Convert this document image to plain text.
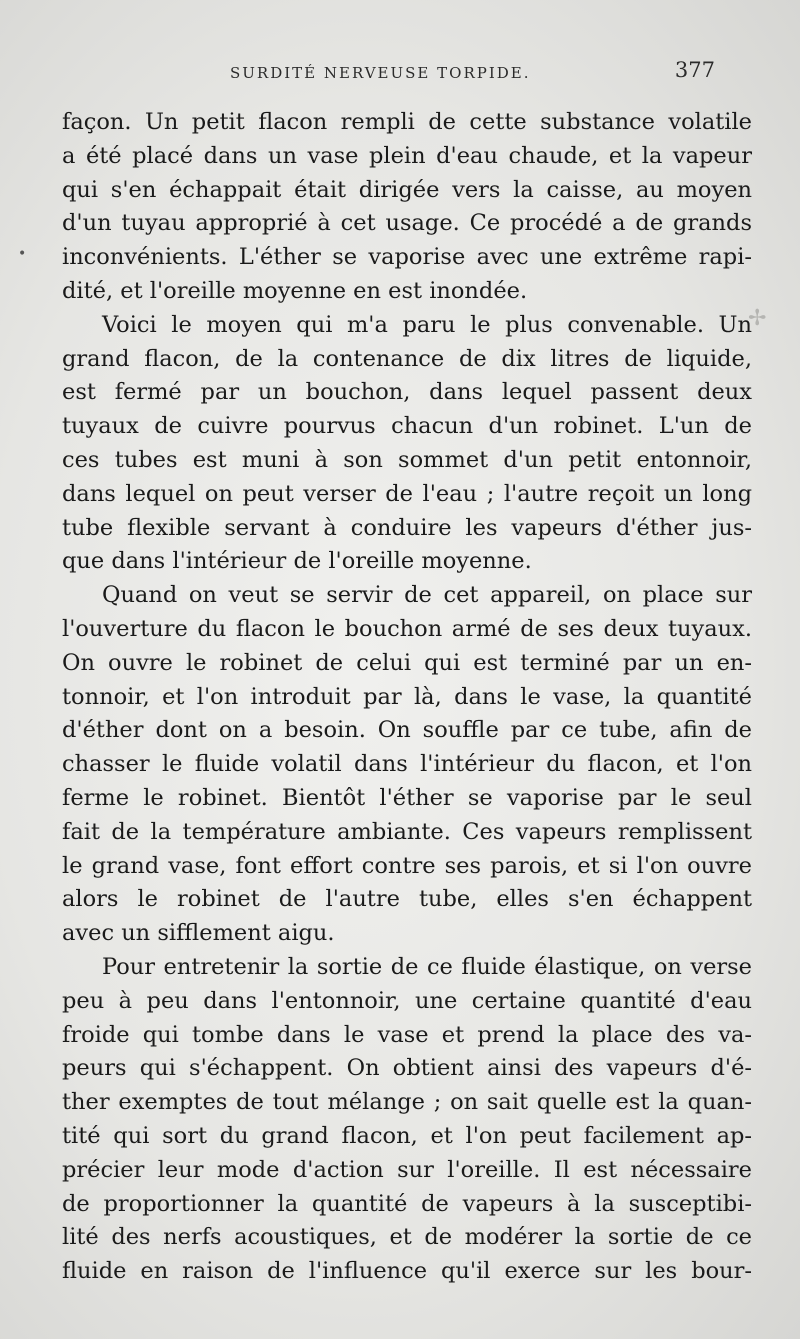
SURDITÉ NERVEUSE TORPIDE.	377
façon. Un petit flacon rempli de cette substance volatile
a été placé dans un vase plein d'eau chaude, et la vapeur
qui s'en échappait était dirigée vers la caisse, au moyen
d'un tuyau approprié à cet usage. Ce procédé a de grands
inconvénients. L'éther se vaporise avec une extrême rapi-
dité, et l'oreille moyenne en est inondée.
Voici le moyen qui m'a paru le plus convenable. Un
grand flacon, de la contenance de dix litres de liquide,
est fermé par un bouchon, dans lequel passent deux
tuyaux de cuivre pourvus chacun d'un robinet. L'un de
ces tubes est muni à son sommet d'un petit entonnoir,
dans lequel on peut verser de l'eau ; l'autre reçoit un long
tube flexible servant à conduire les vapeurs d'éther jus-
que dans l'intérieur de l'oreille moyenne.
Quand on veut se servir de cet appareil, on place sur
l'ouverture du flacon le bouchon armé de ses deux tuyaux.
On ouvre le robinet de celui qui est terminé par un en-
tonnoir, et l'on introduit par là, dans le vase, la quantité
d'éther dont on a besoin. On souffle par ce tube, afin de
chasser le fluide volatil dans l'intérieur du flacon, et l'on
ferme le robinet. Bientôt l'éther se vaporise par le seul
fait de la température ambiante. Ces vapeurs remplissent
le grand vase, font effort contre ses parois, et si l'on ouvre
alors le robinet de l'autre tube, elles s'en échappent
avec un sifflement aigu.
Pour entretenir la sortie de ce fluide élastique, on verse
peu à peu dans l'entonnoir, une certaine quantité d'eau
froide qui tombe dans le vase et prend la place des va-
peurs qui s'échappent. On obtient ainsi des vapeurs d'é-
ther exemptes de tout mélange ; on sait quelle est la quan-
tité qui sort du grand flacon, et l'on peut facilement ap-
précier leur mode d'action sur l'oreille. Il est nécessaire
de proportionner la quantité de vapeurs à la susceptibi-
lité des nerfs acoustiques, et de modérer la sortie de ce
fluide en raison de l'influence qu'il exerce sur les bour-
✢
•
